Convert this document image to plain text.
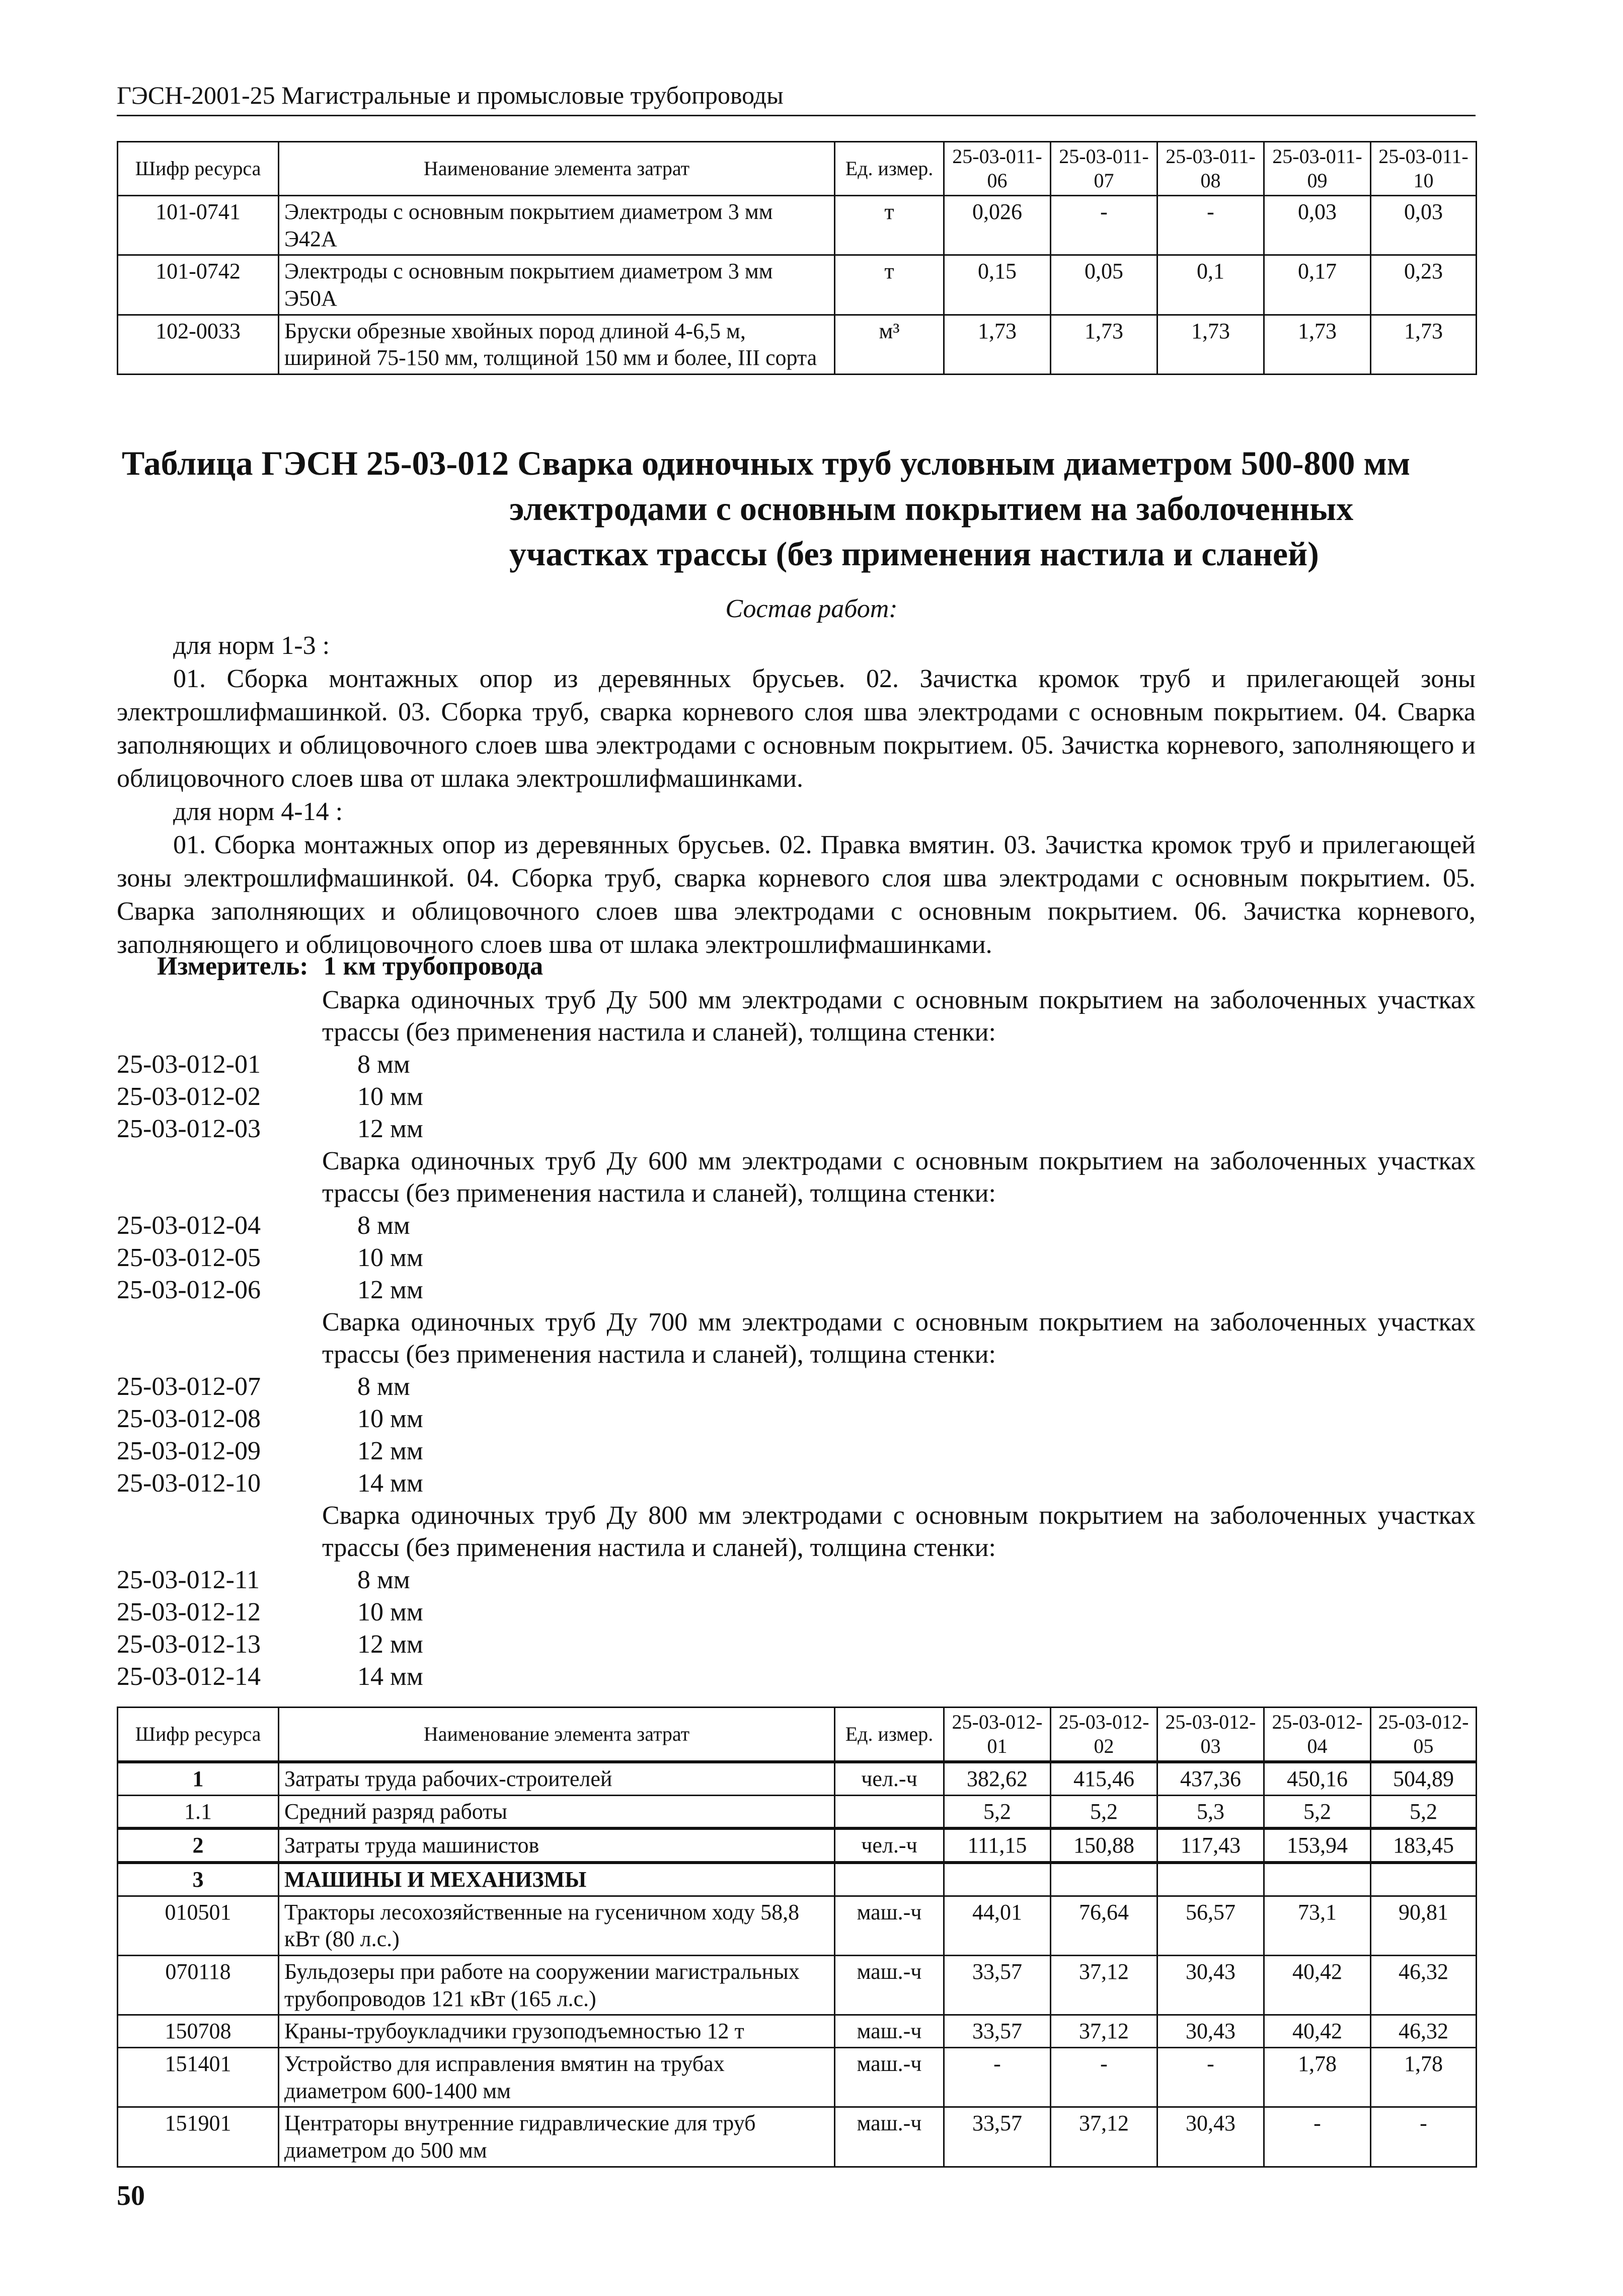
ГЭСН-2001-25 Магистральные и промысловые трубопроводы
Шифр ресурса	Наименование элемента затрат	Ед. измер.	25-03-011-06	25-03-011-07	25-03-011-08	25-03-011-09	25-03-011-10
101-0741	Электроды с основным покрытием диаметром 3 мм Э42А	т	0,026	-	-	0,03	0,03
101-0742	Электроды с основным покрытием диаметром 3 мм Э50А	т	0,15	0,05	0,1	0,17	0,23
102-0033	Бруски обрезные хвойных пород длиной 4-6,5 м, шириной 75-150 мм, толщиной 150 мм и более, III сорта	м³	1,73	1,73	1,73	1,73	1,73
Таблица ГЭСН 25-03-012 Сварка одиночных труб условным диаметром 500-800 мм
электродами с основным покрытием на заболоченных участках трассы (без применения настила и сланей)
Состав работ:

для норм 1-3 :

01. Сборка монтажных опор из деревянных брусьев. 02. Зачистка кромок труб и прилегающей зоны электрошлифмашинкой. 03. Сборка труб, сварка корневого слоя шва электродами с основным покрытием. 04. Сварка заполняющих и облицовочного слоев шва электродами с основным покрытием. 05. Зачистка корневого, заполняющего и облицовочного слоев шва от шлака электрошлифмашинками.

для норм 4-14 :

01. Сборка монтажных опор из деревянных брусьев. 02. Правка вмятин. 03. Зачистка кромок труб и прилегающей зоны электрошлифмашинкой. 04. Сборка труб, сварка корневого слоя шва электродами с основным покрытием. 05. Сварка заполняющих и облицовочного слоев шва электродами с основным покрытием. 06. Зачистка корневого, заполняющего и облицовочного слоев шва от шлака электрошлифмашинками.

Измеритель: 1 км трубопровода
Сварка одиночных труб Ду 500 мм электродами с основным покрытием на заболоченных участках трассы (без применения настила и сланей), толщина стенки:
25-03-012-01	8 мм
25-03-012-02	10 мм
25-03-012-03	12 мм
Сварка одиночных труб Ду 600 мм электродами с основным покрытием на заболоченных участках трассы (без применения настила и сланей), толщина стенки:
25-03-012-04	8 мм
25-03-012-05	10 мм
25-03-012-06	12 мм
Сварка одиночных труб Ду 700 мм электродами с основным покрытием на заболоченных участках трассы (без применения настила и сланей), толщина стенки:
25-03-012-07	8 мм
25-03-012-08	10 мм
25-03-012-09	12 мм
25-03-012-10	14 мм
Сварка одиночных труб Ду 800 мм электродами с основным покрытием на заболоченных участках трассы (без применения настила и сланей), толщина стенки:
25-03-012-11	8 мм
25-03-012-12	10 мм
25-03-012-13	12 мм
25-03-012-14	14 мм
Шифр ресурса	Наименование элемента затрат	Ед. измер.	25-03-012-01	25-03-012-02	25-03-012-03	25-03-012-04	25-03-012-05
1	Затраты труда рабочих-строителей	чел.-ч	382,62	415,46	437,36	450,16	504,89
1.1	Средний разряд работы		5,2	5,2	5,3	5,2	5,2
2	Затраты труда машинистов	чел.-ч	111,15	150,88	117,43	153,94	183,45
3	МАШИНЫ И МЕХАНИЗМЫ						
010501	Тракторы лесохозяйственные на гусеничном ходу 58,8 кВт (80 л.с.)	маш.-ч	44,01	76,64	56,57	73,1	90,81
070118	Бульдозеры при работе на сооружении магистральных трубопроводов 121 кВт (165 л.с.)	маш.-ч	33,57	37,12	30,43	40,42	46,32
150708	Краны-трубоукладчики грузоподъемностью 12 т	маш.-ч	33,57	37,12	30,43	40,42	46,32
151401	Устройство для исправления вмятин на трубах диаметром 600-1400 мм	маш.-ч	-	-	-	1,78	1,78
151901	Центраторы внутренние гидравлические для труб диаметром до 500 мм	маш.-ч	33,57	37,12	30,43	-	-
50
